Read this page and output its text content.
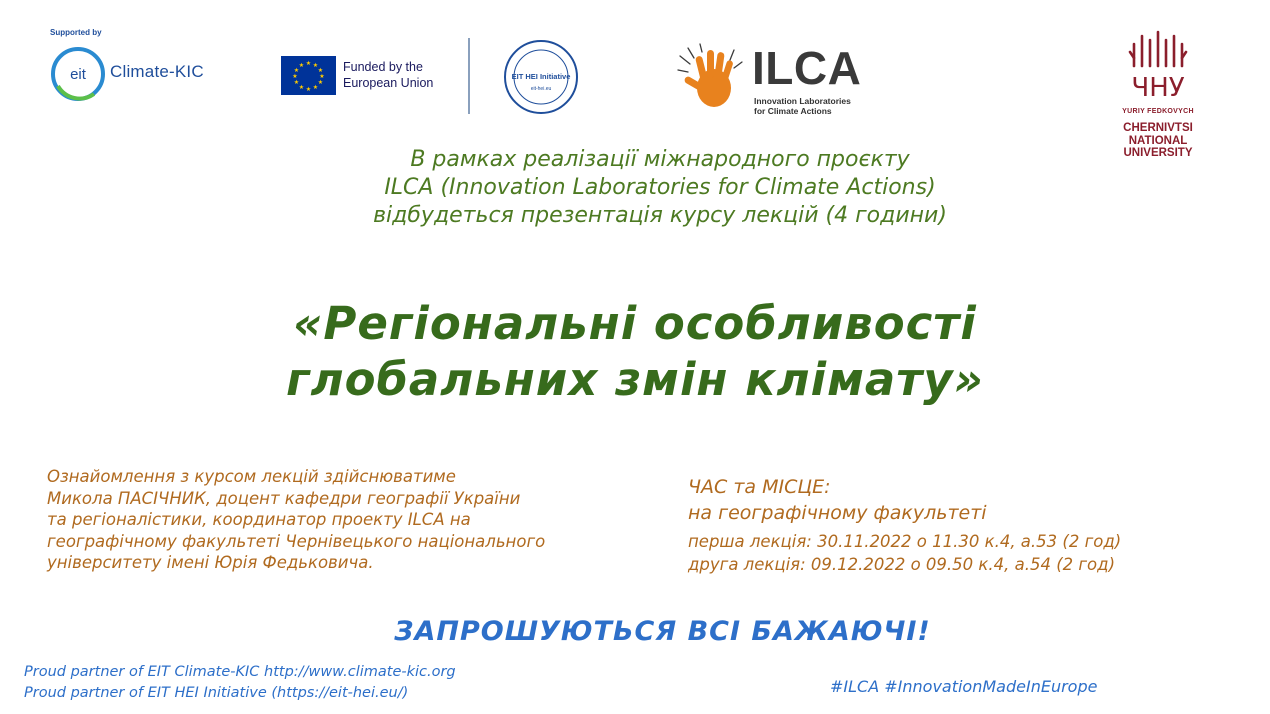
Supported by
eit Climate-KIC	★ ★
★
★
★
★
★
★
★
★
★
★	Funded by the
European Union	EIT HEI Initiative
eit-hei.eu	ILCA
Innovation Laboratories
for Climate Actions
ЧНУ
YURIY FEDKOVYCH
CHERNIVTSI
NATIONAL
UNIVERSITY
В рамках реалізації міжнародного проєкту
ILCA (Innovation Laboratories for Climate Actions)
відбудеться презентація курсу лекцій (4 години)
«Регіональні особливості
глобальних змін клімату»
Ознайомлення з курсом лекцій здійснюватиме
Микола ПАСІЧНИК, доцент кафедри географії України
та регіоналістики, координатор проекту ILCA на
географічному факультеті Чернівецького національного
університету імені Юрія Федьковича.
ЧАС та МІСЦЕ:
на географічному факультеті
перша лекція: 30.11.2022 о 11.30 к.4, а.53 (2 год)
друга лекція: 09.12.2022 о 09.50 к.4, а.54 (2 год)
ЗАПРОШУЮТЬСЯ ВСІ БАЖАЮЧІ!
Proud partner of EIT Climate-KIC http://www.climate-kic.org
Proud partner of EIT HEI Initiative (https://eit-hei.eu/)	#ILCA #InnovationMadeInEurope
